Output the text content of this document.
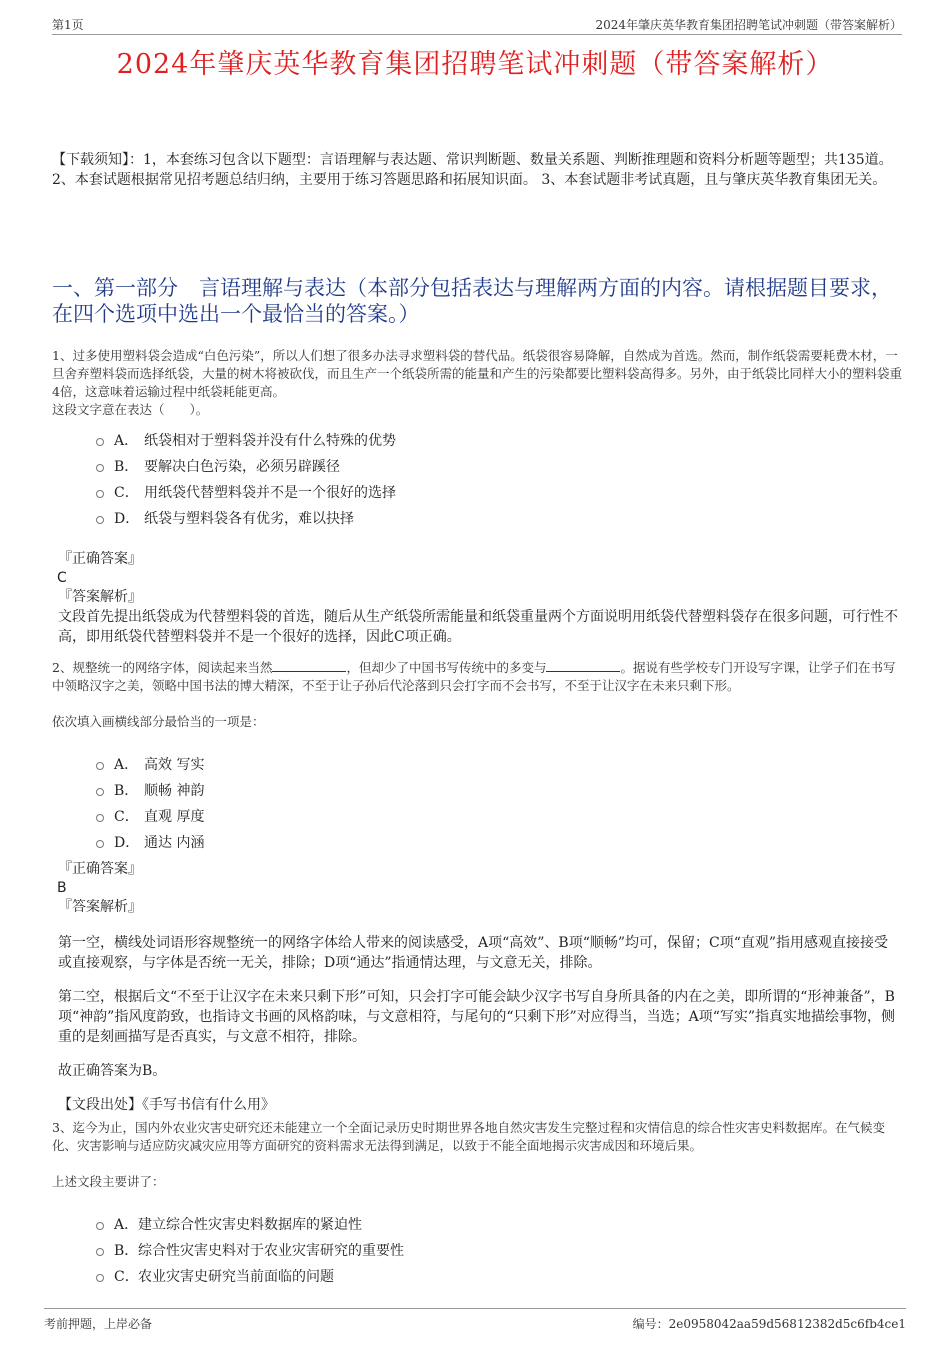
第1页	2024年肇庆英华教育集团招聘笔试冲刺题（带答案解析）
2024年肇庆英华教育集团招聘笔试冲刺题（带答案解析）
【下载须知】：1，本套练习包含以下题型：言语理解与表达题、常识判断题、数量关系题、判断推理题和资料分析题等题型；共135道。 2、本套试题根据常见招考题总结归纳，主要用于练习答题思路和拓展知识面。 3、本套试题非考试真题，且与肇庆英华教育集团无关。
一、第一部分　言语理解与表达（本部分包括表达与理解两方面的内容。请根据题目要求，在四个选项中选出一个最恰当的答案。）
1、过多使用塑料袋会造成“白色污染”，所以人们想了很多办法寻求塑料袋的替代品。纸袋很容易降解，自然成为首选。然而，制作纸袋需要耗费木材，一旦舍弃塑料袋而选择纸袋，大量的树木将被砍伐，而且生产一个纸袋所需的能量和产生的污染都要比塑料袋高得多。另外，由于纸袋比同样大小的塑料袋重4倍，这意味着运输过程中纸袋耗能更高。
这段文字意在表达（　　）。
A． 纸袋相对于塑料袋并没有什么特殊的优势
B． 要解决白色污染，必须另辟蹊径
C． 用纸袋代替塑料袋并不是一个很好的选择
D． 纸袋与塑料袋各有优劣，难以抉择
『正确答案』
C
『答案解析』
文段首先提出纸袋成为代替塑料袋的首选，随后从生产纸袋所需能量和纸袋重量两个方面说明用纸袋代替塑料袋存在很多问题，可行性不高，即用纸袋代替塑料袋并不是一个很好的选择，因此C项正确。
2、规整统一的网络字体，阅读起来当然	，但却少了中国书写传统中的多变与	。据说有些学校专门开设写字课，让学子们在书写中领略汉字之美，领略中国书法的博大精深，不至于让子孙后代沦落到只会打字而不会书写，不至于让汉字在未来只剩下形。
依次填入画横线部分最恰当的一项是：
A． 高效 写实
B． 顺畅 神韵
C． 直观 厚度
D． 通达 内涵
『正确答案』
B
『答案解析』
第一空，横线处词语形容规整统一的网络字体给人带来的阅读感受，A项“高效”、B项“顺畅”均可，保留；C项“直观”指用感观直接接受或直接观察，与字体是否统一无关，排除；D项“通达”指通情达理，与文意无关，排除。
第二空，根据后文“不至于让汉字在未来只剩下形”可知，只会打字可能会缺少汉字书写自身所具备的内在之美，即所谓的“形神兼备”，B项“神韵”指风度韵致，也指诗文书画的风格韵味，与文意相符，与尾句的“只剩下形”对应得当，当选；A项“写实”指真实地描绘事物，侧重的是刻画描写是否真实，与文意不相符，排除。
故正确答案为B。
【文段出处】《手写书信有什么用》
3、迄今为止，国内外农业灾害史研究还未能建立一个全面记录历史时期世界各地自然灾害发生完整过程和灾情信息的综合性灾害史料数据库。在气候变化、灾害影响与适应防灾减灾应用等方面研究的资料需求无法得到满足，以致于不能全面地揭示灾害成因和环境后果。
上述文段主要讲了：
A． 建立综合性灾害史料数据库的紧迫性
B． 综合性灾害史料对于农业灾害研究的重要性
C． 农业灾害史研究当前面临的问题
考前押题，上岸必备	编号：2e0958042aa59d56812382d5c6fb4ce1
